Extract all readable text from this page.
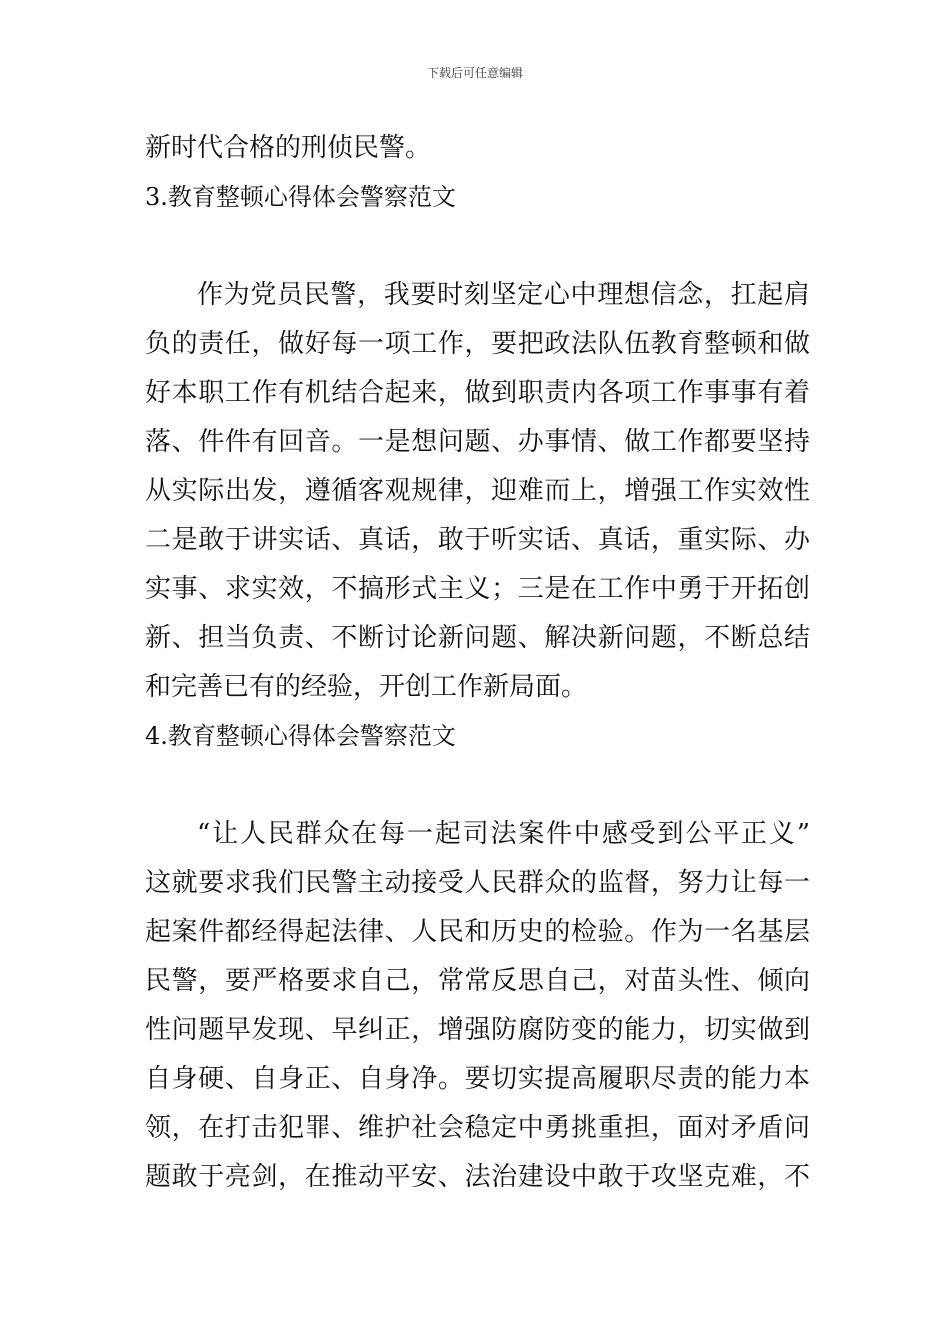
下载后可任意编辑
新时代合格的刑侦民警。
3.教育整顿心得体会警察范文
作为党员民警，我要时刻坚定心中理想信念，扛起肩
负的责任，做好每一项工作，要把政法队伍教育整顿和做
好本职工作有机结合起来，做到职责内各项工作事事有着
落、件件有回音。一是想问题、办事情、做工作都要坚持
从实际出发，遵循客观规律，迎难而上，增强工作实效性
二是敢于讲实话、真话，敢于听实话、真话，重实际、办
实事、求实效，不搞形式主义；三是在工作中勇于开拓创
新、担当负责、不断讨论新问题、解决新问题，不断总结
和完善已有的经验，开创工作新局面。
4.教育整顿心得体会警察范文
“让人民群众在每一起司法案件中感受到公平正义”
这就要求我们民警主动接受人民群众的监督，努力让每一
起案件都经得起法律、人民和历史的检验。作为一名基层
民警，要严格要求自己，常常反思自己，对苗头性、倾向
性问题早发现、早纠正，增强防腐防变的能力，切实做到
自身硬、自身正、自身净。要切实提高履职尽责的能力本
领，在打击犯罪、维护社会稳定中勇挑重担，面对矛盾问
题敢于亮剑，在推动平安、法治建设中敢于攻坚克难，不
